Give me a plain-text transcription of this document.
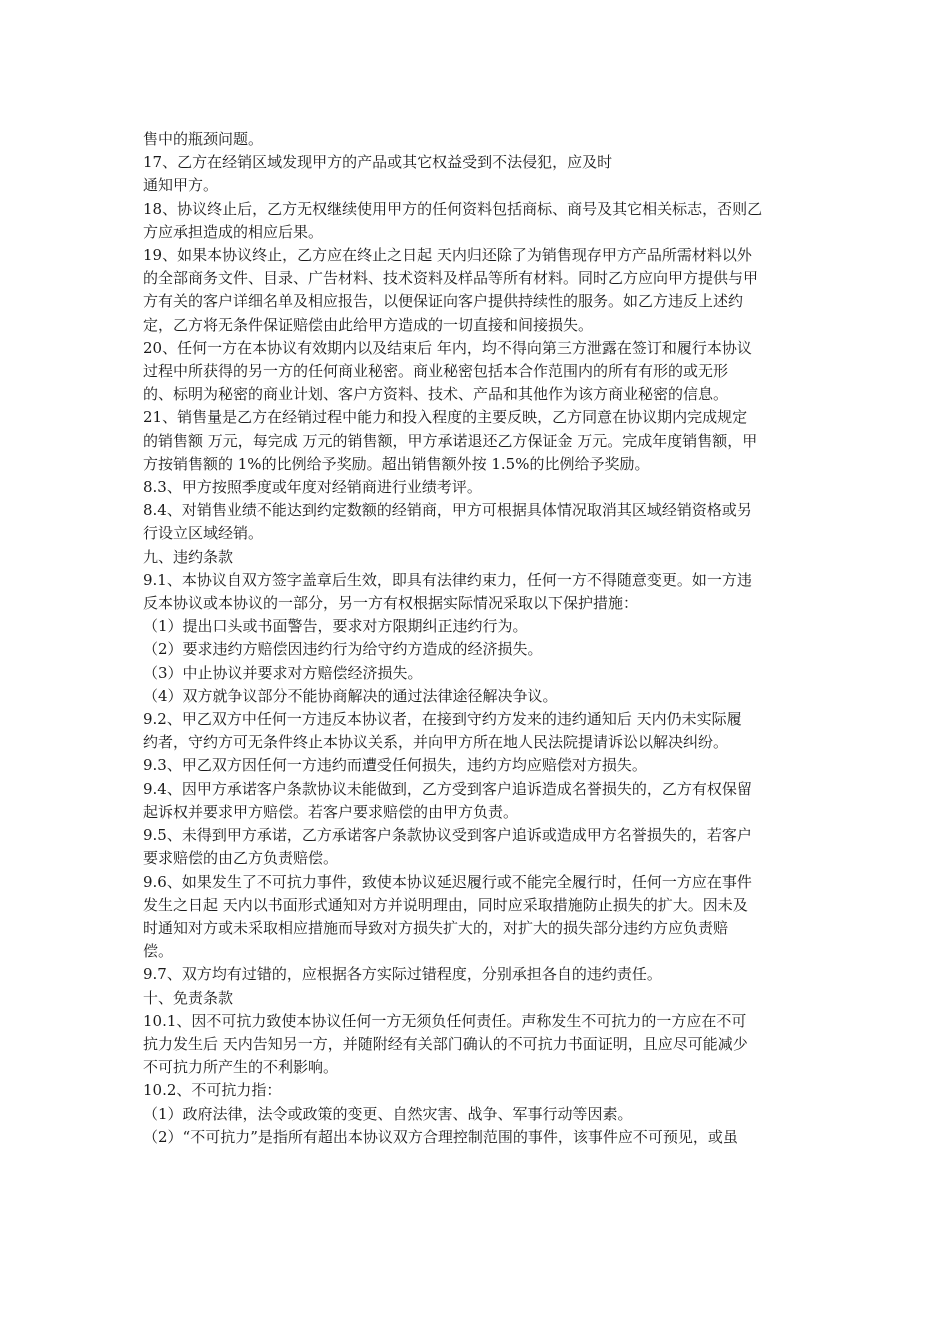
售中的瓶颈问题。

17、乙方在经销区域发现甲方的产品或其它权益受到不法侵犯，应及时

通知甲方。

18、协议终止后，乙方无权继续使用甲方的任何资料包括商标、商号及其它相关标志，否则乙

方应承担造成的相应后果。

19、如果本协议终止，乙方应在终止之日起 天内归还除了为销售现存甲方产品所需材料以外

的全部商务文件、目录、广告材料、技术资料及样品等所有材料。同时乙方应向甲方提供与甲

方有关的客户详细名单及相应报告，以便保证向客户提供持续性的服务。如乙方违反上述约

定，乙方将无条件保证赔偿由此给甲方造成的一切直接和间接损失。

20、任何一方在本协议有效期内以及结束后 年内，均不得向第三方泄露在签订和履行本协议

过程中所获得的另一方的任何商业秘密。商业秘密包括本合作范围内的所有有形的或无形

的、标明为秘密的商业计划、客户方资料、技术、产品和其他作为该方商业秘密的信息。

21、销售量是乙方在经销过程中能力和投入程度的主要反映，乙方同意在协议期内完成规定

的销售额 万元，每完成 万元的销售额，甲方承诺退还乙方保证金 万元。完成年度销售额，甲

方按销售额的 1%的比例给予奖励。超出销售额外按 1.5%的比例给予奖励。

8.3、甲方按照季度或年度对经销商进行业绩考评。

8.4、对销售业绩不能达到约定数额的经销商，甲方可根据具体情况取消其区域经销资格或另

行设立区域经销。

九、违约条款

9.1、本协议自双方签字盖章后生效，即具有法律约束力，任何一方不得随意变更。如一方违

反本协议或本协议的一部分，另一方有权根据实际情况采取以下保护措施：

（1）提出口头或书面警告，要求对方限期纠正违约行为。

（2）要求违约方赔偿因违约行为给守约方造成的经济损失。

（3）中止协议并要求对方赔偿经济损失。

（4）双方就争议部分不能协商解决的通过法律途径解决争议。

9.2、甲乙双方中任何一方违反本协议者，在接到守约方发来的违约通知后 天内仍未实际履

约者，守约方可无条件终止本协议关系，并向甲方所在地人民法院提请诉讼以解决纠纷。

9.3、甲乙双方因任何一方违约而遭受任何损失，违约方均应赔偿对方损失。

9.4、因甲方承诺客户条款协议未能做到，乙方受到客户追诉造成名誉损失的，乙方有权保留

起诉权并要求甲方赔偿。若客户要求赔偿的由甲方负责。

9.5、未得到甲方承诺，乙方承诺客户条款协议受到客户追诉或造成甲方名誉损失的，若客户

要求赔偿的由乙方负责赔偿。

9.6、如果发生了不可抗力事件，致使本协议延迟履行或不能完全履行时，任何一方应在事件

发生之日起 天内以书面形式通知对方并说明理由，同时应采取措施防止损失的扩大。因未及

时通知对方或未采取相应措施而导致对方损失扩大的，对扩大的损失部分违约方应负责赔

偿。

9.7、双方均有过错的，应根据各方实际过错程度，分别承担各自的违约责任。

十、免责条款

10.1、因不可抗力致使本协议任何一方无须负任何责任。声称发生不可抗力的一方应在不可

抗力发生后 天内告知另一方，并随附经有关部门确认的不可抗力书面证明，且应尽可能减少

不可抗力所产生的不利影响。

10.2、不可抗力指：

（1）政府法律，法令或政策的变更、自然灾害、战争、军事行动等因素。

（2）“不可抗力”是指所有超出本协议双方合理控制范围的事件，该事件应不可预见，或虽
